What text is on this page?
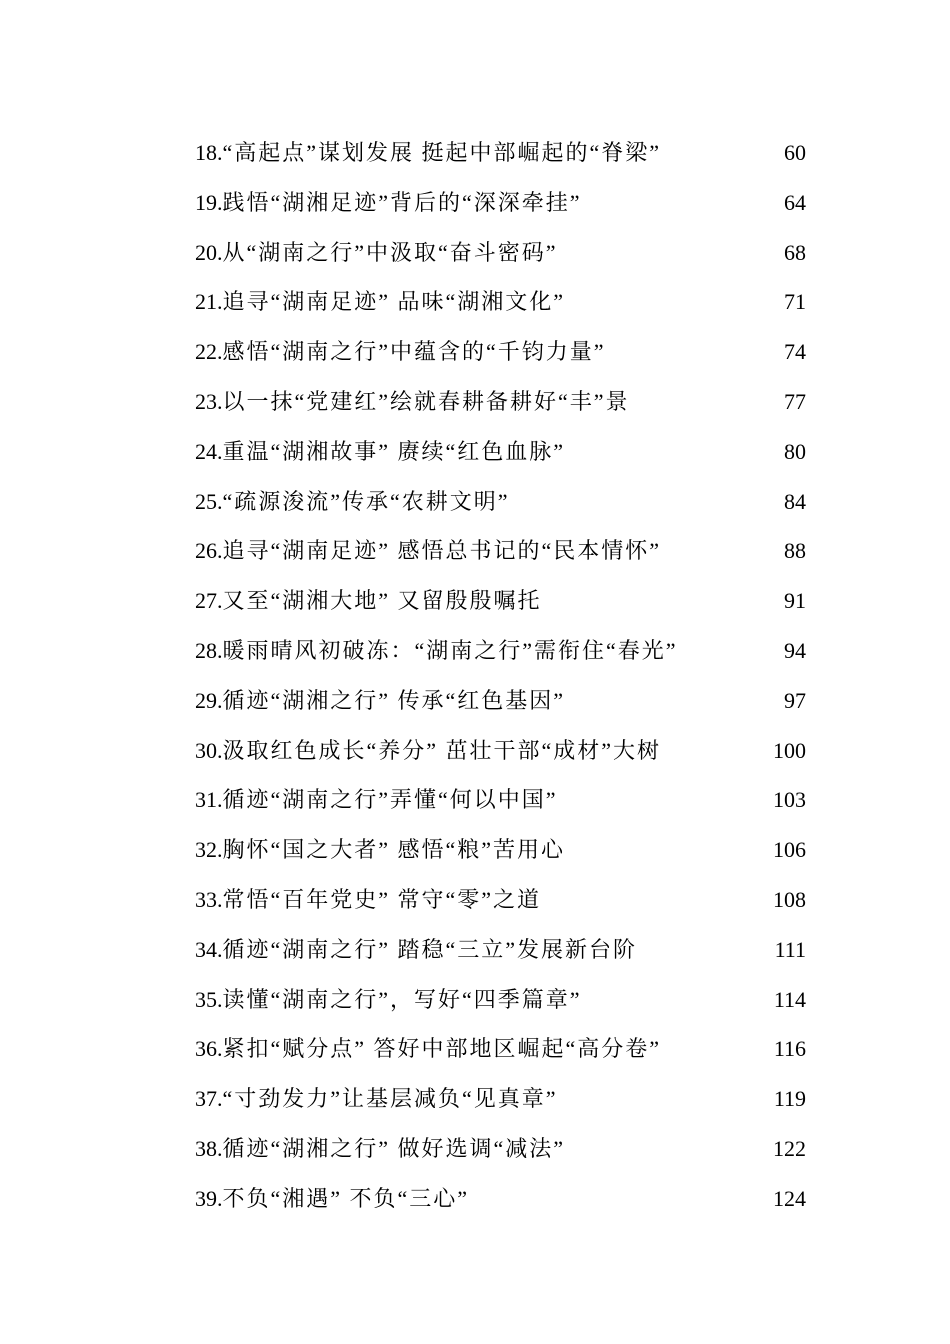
18. “高起点”谋划发展 挺起中部崛起的“脊梁”	60
19. 践悟“湖湘足迹”背后的“深深牵挂”	64
20. 从“湖南之行”中汲取“奋斗密码”	68
21. 追寻“湖南足迹” 品味“湖湘文化”	71
22. 感悟“湖南之行”中蕴含的“千钧力量”	74
23. 以一抹“党建红”绘就春耕备耕好“丰”景	77
24. 重温“湖湘故事” 赓续“红色血脉”	80
25. “疏源浚流”传承“农耕文明”	84
26. 追寻“湖南足迹” 感悟总书记的“民本情怀”	88
27. 又至“湖湘大地” 又留殷殷嘱托	91
28. 暖雨晴风初破冻：“湖南之行”需衔住“春光”	94
29. 循迹“湖湘之行” 传承“红色基因”	97
30. 汲取红色成长“养分” 茁壮干部“成材”大树	100
31. 循迹“湖南之行”弄懂“何以中国”	103
32. 胸怀“国之大者” 感悟“粮”苦用心	106
33. 常悟“百年党史” 常守“零”之道	108
34. 循迹“湖南之行” 踏稳“三立”发展新台阶	111
35. 读懂“湖南之行”，写好“四季篇章”	114
36. 紧扣“赋分点” 答好中部地区崛起“高分卷”	116
37. “寸劲发力”让基层减负“见真章”	119
38. 循迹“湖湘之行” 做好选调“减法”	122
39. 不负“湘遇” 不负“三心”	124
